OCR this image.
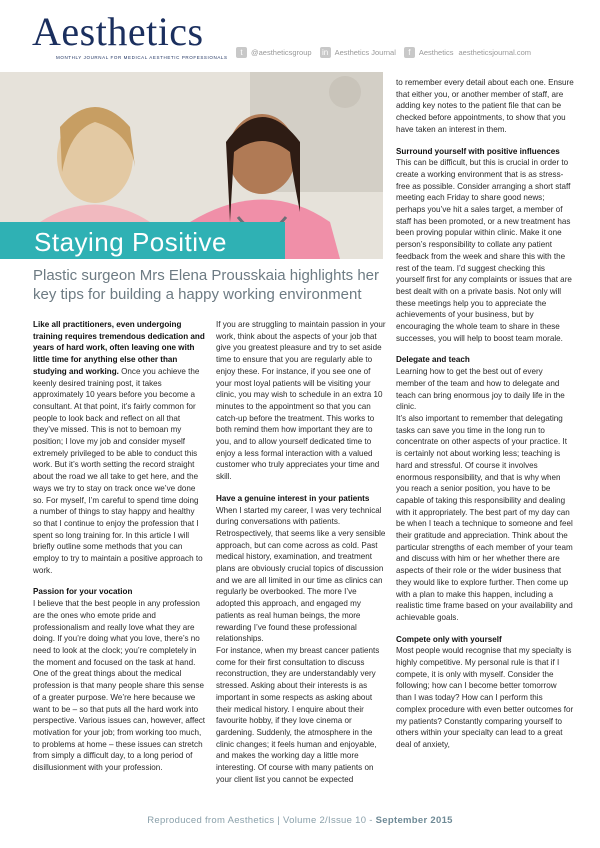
Aesthetics
MONTHLY JOURNAL FOR MEDICAL AESTHETIC PROFESSIONALS
t	@aestheticsgroup in Aesthetics Journal	f	Aesthetics aestheticsjournal.com
Staying Positive
Plastic surgeon Mrs Elena Prousskaia highlights her key tips for building a happy working environment

Like all practitioners, even undergoing training requires tremendous dedication and years of hard work, often leaving one with little time for anything else other than studying and working. Once you achieve the keenly desired training post, it takes approximately 10 years before you become a consultant. At that point, it’s fairly common for people to look back and reflect on all that they’ve missed. This is not to bemoan my position; I love my job and consider myself extremely privileged to be able to conduct this work. But it’s worth setting the record straight about the road we all take to get here, and the ways we try to stay on track once we’ve done so. For myself, I’m careful to spend time doing a number of things to stay happy and healthy so that I continue to enjoy the profession that I spent so long training for. In this article I will briefly outline some methods that you can employ to try to maintain a positive approach to work.

Passion for your vocation

I believe that the best people in any profession are the ones who emote pride and professionalism and really love what they are doing. If you’re doing what you love, there’s no need to look at the clock; you’re completely in the moment and focused on the task at hand. One of the great things about the medical profession is that many people share this sense of a greater purpose. We’re here because we want to be – so that puts all the hard work into perspective. Various issues can, however, affect motivation for your job; from working too much, to problems at home – these issues can stretch from simply a difficult day, to a long period of disillusionment with your profession.

If you are struggling to maintain passion in your work, think about the aspects of your job that give you greatest pleasure and try to set aside time to ensure that you are regularly able to enjoy these. For instance, if you see one of your most loyal patients will be visiting your clinic, you may wish to schedule in an extra 10 minutes to the appointment so that you can catch-up before the treatment. This works to both remind them how important they are to you, and to allow yourself dedicated time to enjoy a less formal interaction with a valued customer who truly appreciates your time and skill.

Have a genuine interest in your patients

When I started my career, I was very technical during conversations with patients. Retrospectively, that seems like a very sensible approach, but can come across as cold. Past medical history, examination, and treatment plans are obviously crucial topics of discussion and we are all limited in our time as clinics can regularly be overbooked. The more I’ve adopted this approach, and engaged my patients as real human beings, the more rewarding I’ve found these professional relationships.

For instance, when my breast cancer patients come for their first consultation to discuss reconstruction, they are understandably very stressed. Asking about their interests is as important in some respects as asking about their medical history. I enquire about their favourite hobby, if they love cinema or gardening. Suddenly, the atmosphere in the clinic changes; it feels human and enjoyable, and makes the working day a little more interesting. Of course with many patients on your client list you cannot be expected

to remember every detail about each one. Ensure that either you, or another member of staff, are adding key notes to the patient file that can be checked before appointments, to show that you have taken an interest in them.

Surround yourself with positive influences

This can be difficult, but this is crucial in order to create a working environment that is as stress-free as possible. Consider arranging a short staff meeting each Friday to share good news; perhaps you’ve hit a sales target, a member of staff has been promoted, or a new treatment has been proving popular within clinic. Make it one person’s responsibility to collate any patient feedback from the week and share this with the rest of the team. I’d suggest checking this yourself first for any complaints or issues that are best dealt with on a private basis. Not only will these meetings help you to appreciate the achievements of your business, but by encouraging the whole team to share in these successes, you will help to boost team morale.

Delegate and teach

Learning how to get the best out of every member of the team and how to delegate and teach can bring enormous joy to daily life in the clinic.

It’s also important to remember that delegating tasks can save you time in the long run to concentrate on other aspects of your practice. It is certainly not about working less; teaching is hard and stressful. Of course it involves enormous responsibility, and that is why when you reach a senior position, you have to be capable of taking this responsibility and dealing with it appropriately. The best part of my day can be when I teach a technique to someone and feel their gratitude and appreciation. Think about the particular strengths of each member of your team and discuss with him or her whether there are aspects of their role or the wider business that they would like to explore further. Then come up with a plan to make this happen, including a realistic time frame based on your availability and achievable goals.

Compete only with yourself

Most people would recognise that my specialty is highly competitive. My personal rule is that if I compete, it is only with myself. Consider the following; how can I become better tomorrow than I was today? How can I perform this complex procedure with even better outcomes for my patients? Constantly comparing yourself to others within your specialty can lead to a great deal of anxiety,

Reproduced from Aesthetics | Volume 2/Issue 10 - September 2015
